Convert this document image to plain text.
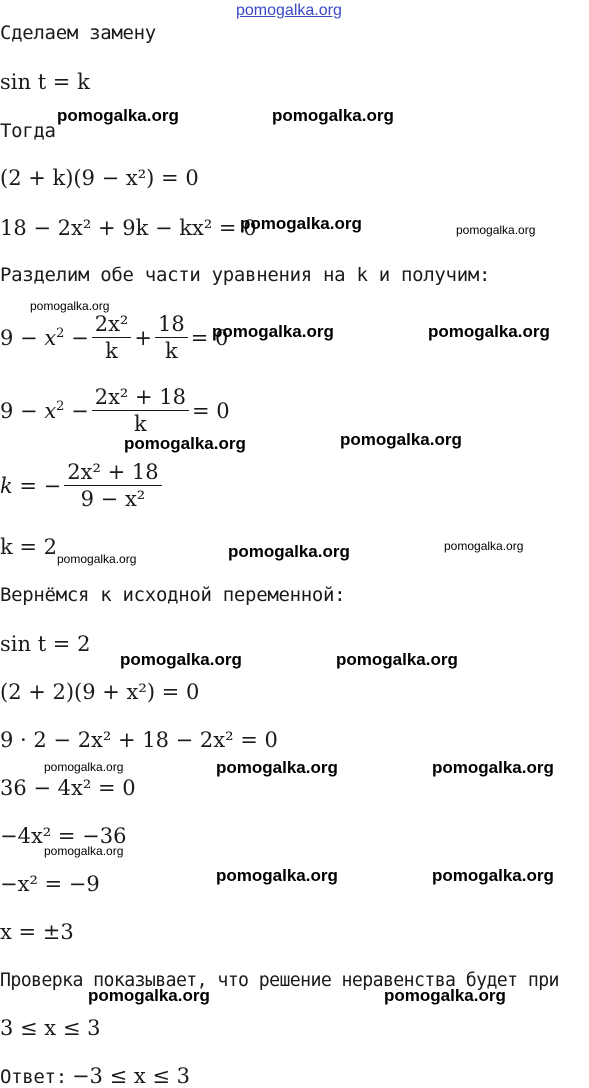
pomogalka.org
Сделаем замену
sin t = k
Тогда
(2 + k)(9 − x²) = 0
18 − 2x² + 9k − kx² = 0
Разделим обе части уравнения на k и получим:
$9 - x^2 - \frac{\text{2x²}}{k} + \frac{18}{k} = 0$
$9 - x^2 - \frac{\text{2x² + 18}}{k} = 0$
k = − $\frac{\text{2x² + 18}}{\text{9 − x²}}$
k = 2
Вернёмся к исходной переменной:
sin t = 2
(2 + 2)(9 + x²) = 0
9 · 2 − 2x² + 18 − 2x² = 0
36 − 4x² = 0
−4x² = −36
−x² = −9
x = ±3
Проверка показывает, что решение неравенства будет при
3 ≤ x ≤ 3
Ответ: −3 ≤ x ≤ 3
pomogalka.org	pomogalka.org
pomogalka.org	pomogalka.org
pomogalka.org
pomogalka.org	pomogalka.org
pomogalka.org	pomogalka.org
pomogalka.org	pomogalka.org	pomogalka.org
pomogalka.org	pomogalka.org
pomogalka.org	pomogalka.org	pomogalka.org
pomogalka.org
pomogalka.org	pomogalka.org
pomogalka.org	pomogalka.org
